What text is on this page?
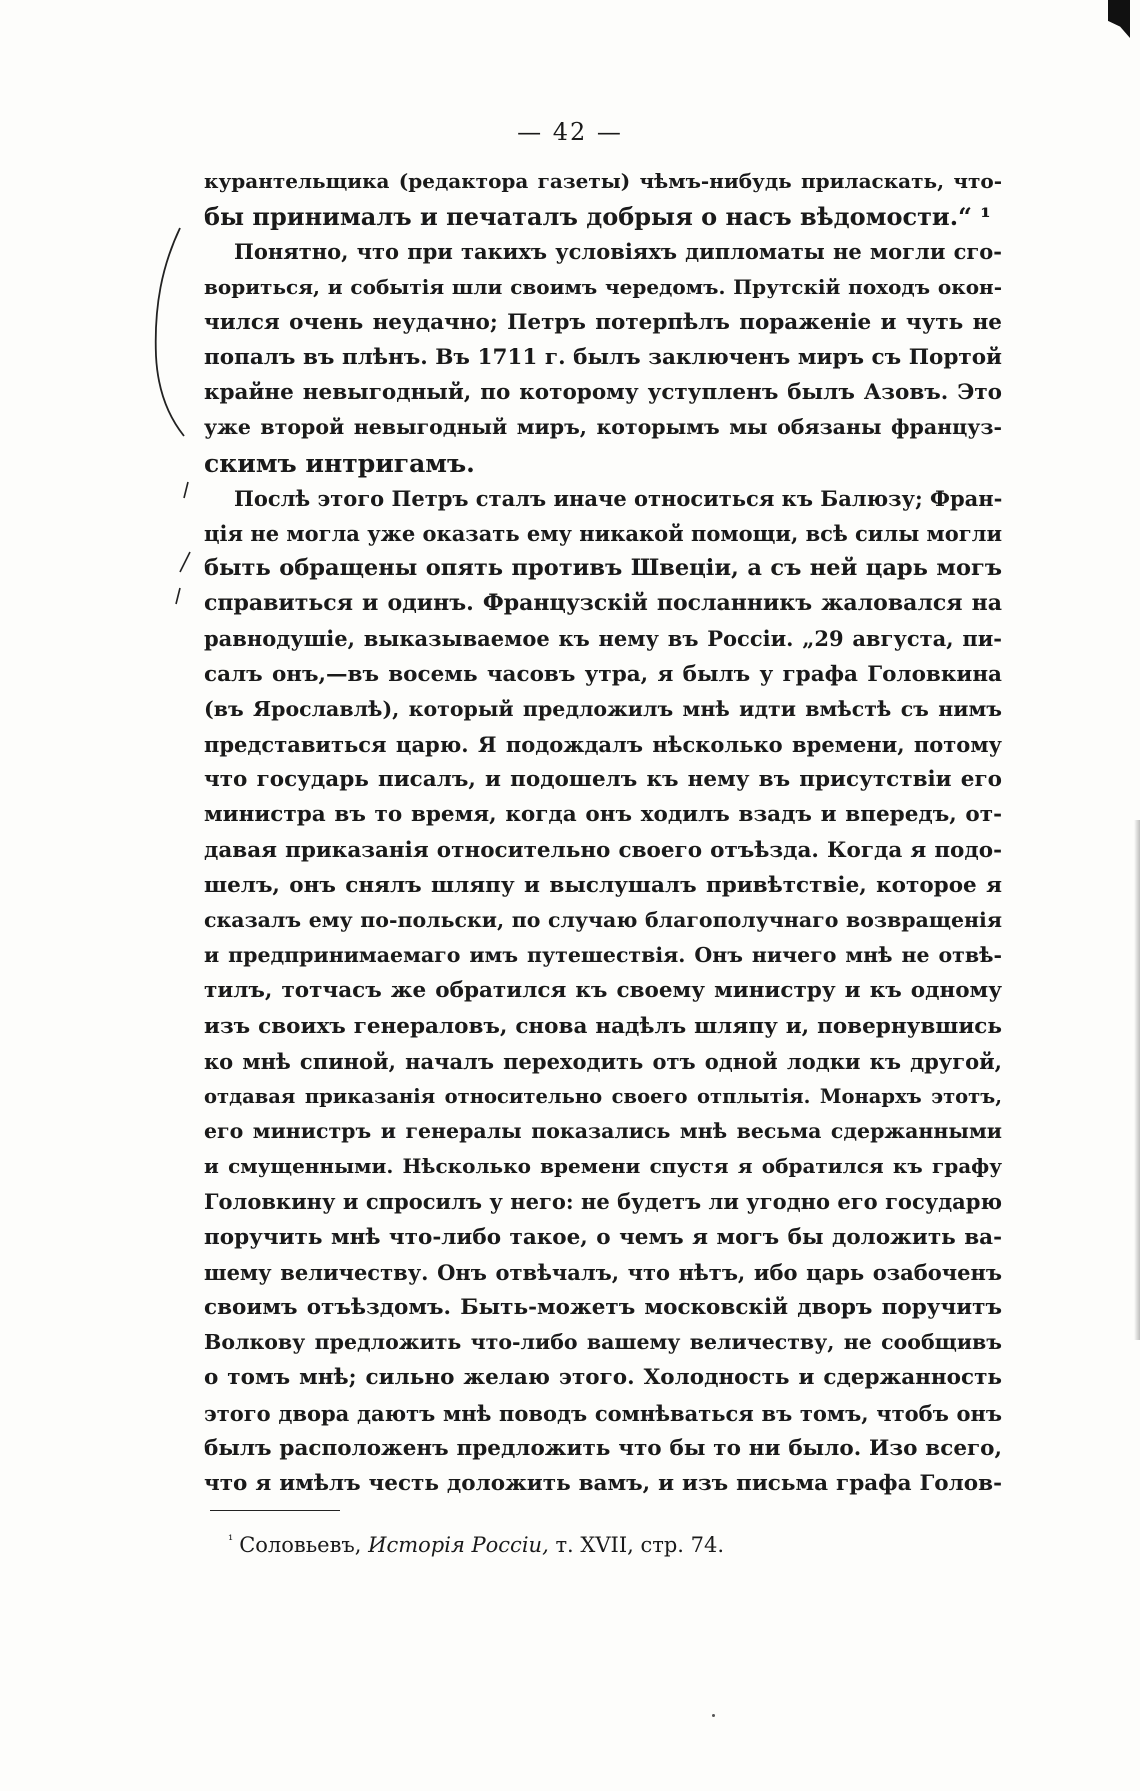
— 42 —
курантельщика (редактора газеты) чѣмъ-нибудь приласкать, что-
бы принималъ и печаталъ добрыя о насъ вѣдомости.“ ¹
Понятно, что при такихъ условіяхъ дипломаты не могли сго-
вориться, и событія шли своимъ чередомъ. Прутскій походъ окон-
чился очень неудачно; Петръ потерпѣлъ пораженіе и чуть не
попалъ въ плѣнъ. Въ 1711 г. былъ заключенъ миръ съ Портой
крайне невыгодный, по которому уступленъ былъ Азовъ. Это
уже второй невыгодный миръ, которымъ мы обязаны француз-
скимъ интригамъ.
Послѣ этого Петръ сталъ иначе относиться къ Балюзу; Фран-
ція не могла уже оказать ему никакой помощи, всѣ силы могли
быть обращены опять противъ Швеціи, а съ ней царь могъ
справиться и одинъ. Французскій посланникъ жаловался на
равнодушіе, выказываемое къ нему въ Россіи. „29 августа, пи-
салъ онъ,—въ восемь часовъ утра, я былъ у графа Головкина
(въ Ярославлѣ), который предложилъ мнѣ идти вмѣстѣ съ нимъ
представиться царю. Я подождалъ нѣсколько времени, потому
что государь писалъ, и подошелъ къ нему въ присутствіи его
министра въ то время, когда онъ ходилъ взадъ и впередъ, от-
давая приказанія относительно своего отъѣзда. Когда я подо-
шелъ, онъ снялъ шляпу и выслушалъ привѣтствіе, которое я
сказалъ ему по-польски, по случаю благополучнаго возвращенія
и предпринимаемаго имъ путешествія. Онъ ничего мнѣ не отвѣ-
тилъ, тотчасъ же обратился къ своему министру и къ одному
изъ своихъ генераловъ, снова надѣлъ шляпу и, повернувшись
ко мнѣ спиной, началъ переходить отъ одной лодки къ другой,
отдавая приказанія относительно своего отплытія. Монархъ этотъ,
его министръ и генералы показались мнѣ весьма сдержанными
и смущенными. Нѣсколько времени спустя я обратился къ графу
Головкину и спросилъ у него: не будетъ ли угодно его государю
поручить мнѣ что-либо такое, о чемъ я могъ бы доложить ва-
шему величеству. Онъ отвѣчалъ, что нѣтъ, ибо царь озабоченъ
своимъ отъѣздомъ. Быть-можетъ московскій дворъ поручитъ
Волкову предложить что-либо вашему величеству, не сообщивъ
о томъ мнѣ; сильно желаю этого. Холодность и сдержанность
этого двора даютъ мнѣ поводъ сомнѣваться въ томъ, чтобъ онъ
былъ расположенъ предложить что бы то ни было. Изо всего,
что я имѣлъ честь доложить вамъ, и изъ письма графа Голов-
$^{^1}$ Соловьевъ, Исторія Россіи, т. XVII, стр. 74.
